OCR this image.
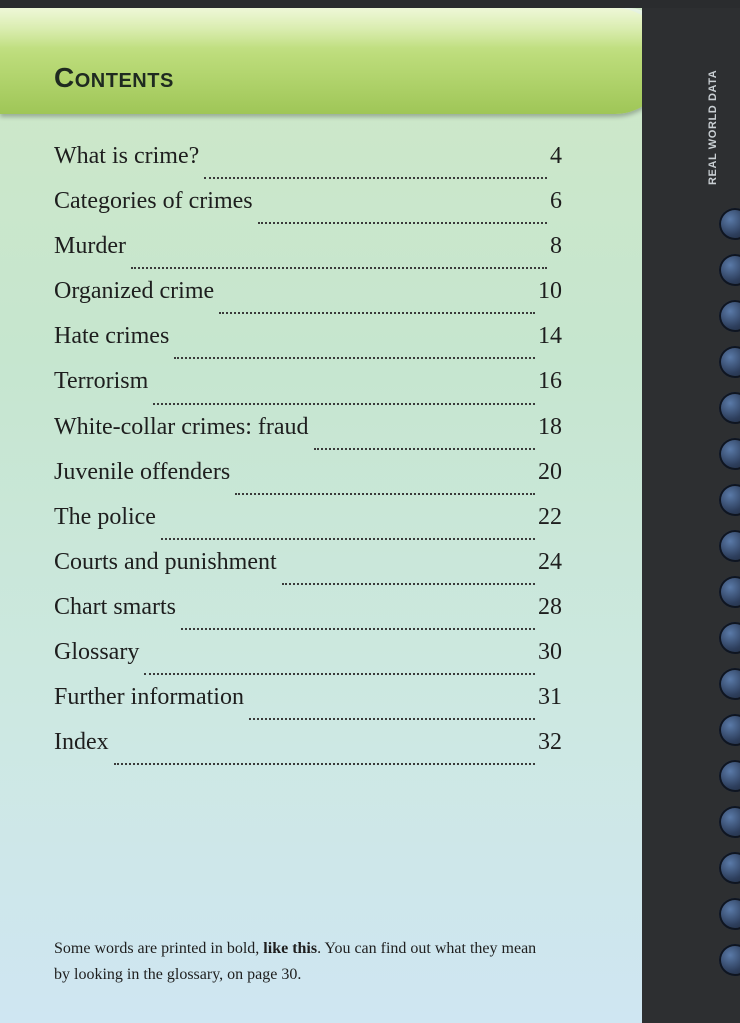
Contents	REAL WORLD DATA
What is crime?	4
Categories of crimes	6
Murder	8
Organized crime	10
Hate crimes	14
Terrorism	16
White-collar crimes: fraud	18
Juvenile offenders	20
The police	22
Courts and punishment	24
Chart smarts	28
Glossary	30
Further information	31
Index	32

Some words are printed in bold, like this. You can find out what they mean by looking in the glossary, on page 30.
